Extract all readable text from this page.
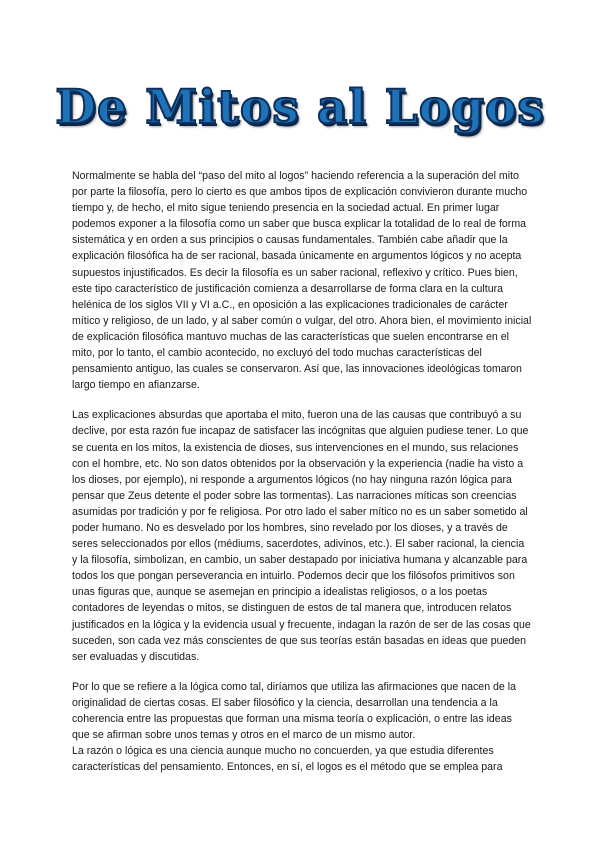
De Mitos al Logos

Normalmente se habla del “paso del mito al logos” haciendo referencia a la superación del mito por parte la filosofía, pero lo cierto es que ambos tipos de explicación convivieron durante mucho tiempo y, de hecho, el mito sigue teniendo presencia en la sociedad actual. En primer lugar podemos exponer a la filosofía como un saber que busca explicar la totalidad de lo real de forma sistemática y en orden a sus principios o causas fundamentales. También cabe añadir que la explicación filosófica ha de ser racional, basada únicamente en argumentos lógicos y no acepta supuestos injustificados. Es decir la filosofía es un saber racional, reflexivo y crítico. Pues bien, este tipo característico de justificación comienza a desarrollarse de forma clara en la cultura helénica de los siglos VII y VI a.C., en oposición a las explicaciones tradicionales de carácter mítico y religioso, de un lado, y al saber común o vulgar, del otro. Ahora bien, el movimiento inicial de explicación filosófica mantuvo muchas de las características que suelen encontrarse en el mito, por lo tanto, el cambio acontecido, no excluyó del todo muchas características del pensamiento antiguo, las cuales se conservaron. Así que, las innovaciones ideológicas tomaron largo tiempo en afianzarse.

Las explicaciones absurdas que aportaba el mito, fueron una de las causas que contribuyó a su declive, por esta razón fue incapaz de satisfacer las incógnitas que alguien pudiese tener. Lo que se cuenta en los mitos, la existencia de dioses, sus intervenciones en el mundo, sus relaciones con el hombre, etc. No son datos obtenidos por la observación y la experiencia (nadie ha visto a los dioses, por ejemplo), ni responde a argumentos lógicos (no hay ninguna razón lógica para pensar que Zeus detente el poder sobre las tormentas). Las narraciones míticas son creencias asumidas por tradición y por fe religiosa. Por otro lado el saber mítico no es un saber sometido al poder humano. No es desvelado por los hombres, sino revelado por los dioses, y a través de seres seleccionados por ellos (médiums, sacerdotes, adivinos, etc.). El saber racional, la ciencia y la filosofía, simbolizan, en cambio, un saber destapado por iniciativa humana y alcanzable para todos los que pongan perseverancia en intuirlo. Podemos decir que los filósofos primitivos son unas figuras que, aunque se asemejan en principio a idealistas religiosos, o a los poetas contadores de leyendas o mitos, se distinguen de estos de tal manera que, introducen relatos justificados en la lógica y la evidencia usual y frecuente, indagan la razón de ser de las cosas que suceden, son cada vez más conscientes de que sus teorías están basadas en ideas que pueden ser evaluadas y discutidas.

Por lo que se refiere a la lógica como tal, diríamos que utiliza las afirmaciones que nacen de la originalidad de ciertas cosas. El saber filosófico y la ciencia, desarrollan una tendencia a la coherencia entre las propuestas que forman una misma teoría o explicación, o entre las ideas que se afirman sobre unos temas y otros en el marco de un mismo autor.

La razón o lógica es una ciencia aunque mucho no concuerden, ya que estudia diferentes características del pensamiento. Entonces, en sí, el logos es el método que se emplea para
